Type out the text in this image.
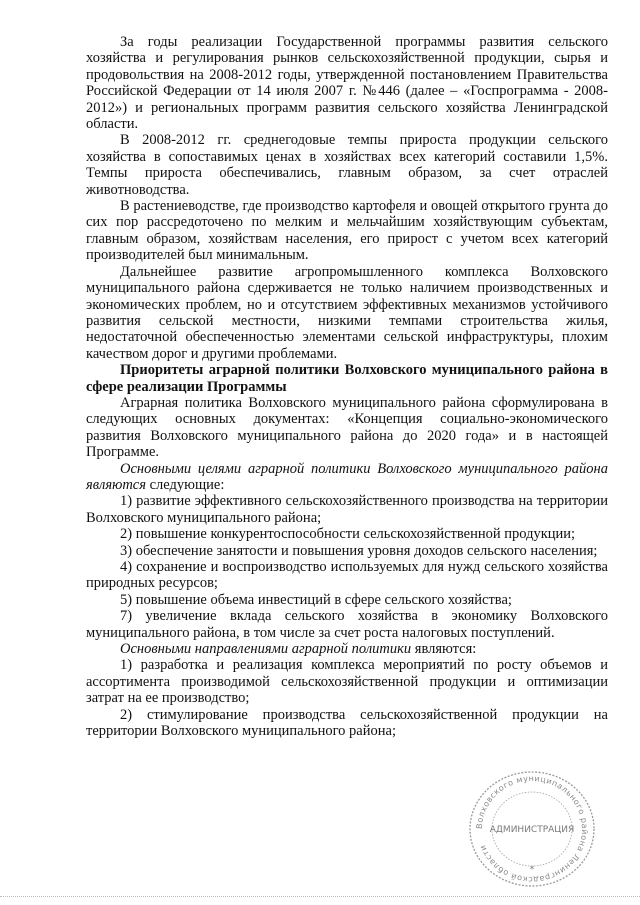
За годы реализации Государственной программы развития сельского хозяйства и регулирования рынков сельскохозяйственной продукции, сырья и продовольствия на 2008-2012 годы, утвержденной постановлением Правительства Российской Федерации от 14 июля 2007 г. №446 (далее – «Госпрограмма - 2008-2012») и региональных программ развития сельского хозяйства Ленинградской области.

В 2008-2012 гг. среднегодовые темпы прироста продукции сельского хозяйства в сопоставимых ценах в хозяйствах всех категорий составили 1,5%. Темпы прироста обеспечивались, главным образом, за счет отраслей животноводства.

В растениеводстве, где производство картофеля и овощей открытого грунта до сих пор рассредоточено по мелким и мельчайшим хозяйствующим субъектам, главным образом, хозяйствам населения, его прирост с учетом всех категорий производителей был минимальным.

Дальнейшее развитие агропромышленного комплекса Волховского муниципального района сдерживается не только наличием производственных и экономических проблем, но и отсутствием эффективных механизмов устойчивого развития сельской местности, низкими темпами строительства жилья, недостаточной обеспеченностью элементами сельской инфраструктуры, плохим качеством дорог и другими проблемами.

Приоритеты аграрной политики Волховского муниципального района в сфере реализации Программы

Аграрная политика Волховского муниципального района сформулирована в следующих основных документах: «Концепция социально-экономического развития Волховского муниципального района до 2020 года» и в настоящей Программе.

Основными целями аграрной политики Волховского муниципального района являются следующие:

1) развитие эффективного сельскохозяйственного производства на территории Волховского муниципального района;

2) повышение конкурентоспособности сельскохозяйственной продукции;

3) обеспечение занятости и повышения уровня доходов сельского населения;

4) сохранение и воспроизводство используемых для нужд сельского хозяйства природных ресурсов;

5) повышение объема инвестиций в сфере сельского хозяйства;

7) увеличение вклада сельского хозяйства в экономику Волховского муниципального района, в том числе за счет роста налоговых поступлений.

Основными направлениями аграрной политики являются:

1) разработка и реализация комплекса мероприятий по росту объемов и ассортимента производимой сельскохозяйственной продукции и оптимизации затрат на ее производство;

2) стимулирование производства сельскохозяйственной продукции на территории Волховского муниципального района;

Волховского муниципального района Ленинградской области
АДМИНИСТРАЦИЯ
*
